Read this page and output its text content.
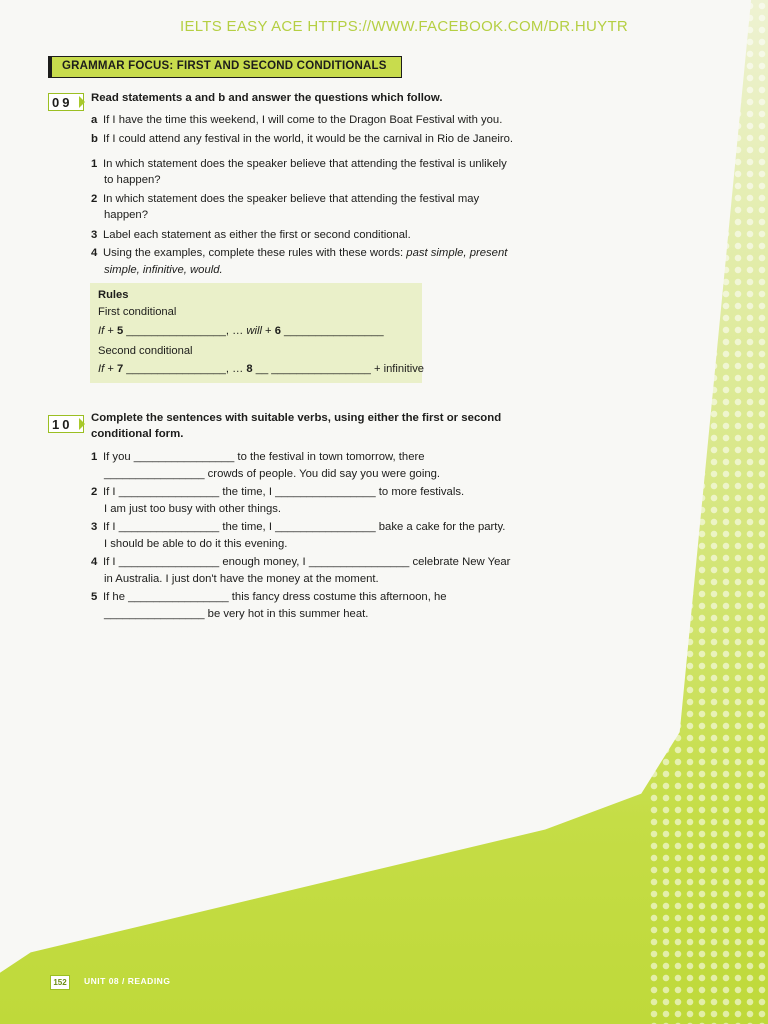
IELTS EASY ACE HTTPS://WWW.FACEBOOK.COM/DR.HUYTR
GRAMMAR FOCUS: FIRST AND SECOND CONDITIONALS
09 Read statements a and b and answer the questions which follow.
a If I have the time this weekend, I will come to the Dragon Boat Festival with you.
b If I could attend any festival in the world, it would be the carnival in Rio de Janeiro.
1 In which statement does the speaker believe that attending the festival is unlikely
to happen?
2 In which statement does the speaker believe that attending the festival may
happen?
3 Label each statement as either the first or second conditional.
4 Using the examples, complete these rules with these words: past simple, present
simple, infinitive, would.
Rules
First conditional
If + 5 ________________, … will + 6 ________________
Second conditional
If + 7 ________________, … 8 __ ________________ + infinitive
10 Complete the sentences with suitable verbs, using either the first or second
conditional form.
1 If you ________________ to the festival in town tomorrow, there
________________ crowds of people. You did say you were going.
2 If I ________________ the time, I ________________ to more festivals.
I am just too busy with other things.
3 If I ________________ the time, I ________________ bake a cake for the party.
I should be able to do it this evening.
4 If I ________________ enough money, I ________________ celebrate New Year
in Australia. I just don't have the money at the moment.
5 If he ________________ this fancy dress costume this afternoon, he
________________ be very hot in this summer heat.
152	UNIT 08 / READING
